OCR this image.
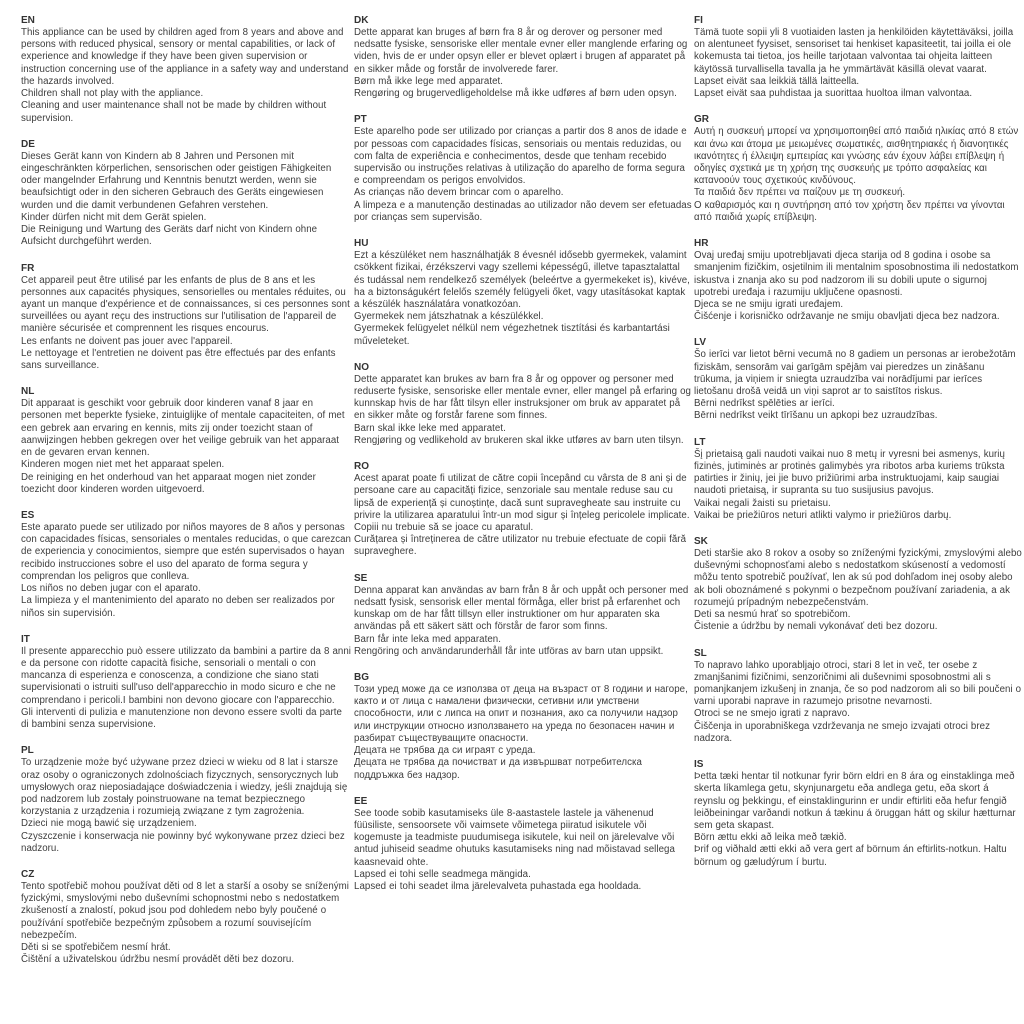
EN
This appliance can be used by children aged from 8 years and above and persons with reduced physical, sensory or mental capabilities, or lack of experience and knowledge if they have been given supervision or instruction concerning use of the appliance in a safety way and understand the hazards involved.
Children shall not play with the appliance.
Cleaning and user maintenance shall not be made by children without supervision.
DE
Dieses Gerät kann von Kindern ab 8 Jahren und Personen mit eingeschränkten körperlichen, sensorischen oder geistigen Fähigkeiten oder mangelnder Erfahrung und Kenntnis benutzt werden, wenn sie beaufsichtigt oder in den sicheren Gebrauch des Geräts eingewiesen wurden und die damit verbundenen Gefahren verstehen.
Kinder dürfen nicht mit dem Gerät spielen.
Die Reinigung und Wartung des Geräts darf nicht von Kindern ohne Aufsicht durchgeführt werden.
FR
Cet appareil peut être utilisé par les enfants de plus de 8 ans et les personnes aux capacités physiques, sensorielles ou mentales réduites, ou ayant un manque d'expérience et de connaissances, si ces personnes sont surveillées ou ayant reçu des instructions sur l'utilisation de l'appareil de manière sécurisée et comprennent les risques encourus.
Les enfants ne doivent pas jouer avec l'appareil.
Le nettoyage et l'entretien ne doivent pas être effectués par des enfants sans surveillance.
NL
Dit apparaat is geschikt voor gebruik door kinderen vanaf 8 jaar en personen met beperkte fysieke, zintuiglijke of mentale capaciteiten, of met een gebrek aan ervaring en kennis, mits zij onder toezicht staan of aanwijzingen hebben gekregen over het veilige gebruik van het apparaat en de gevaren ervan kennen.
Kinderen mogen niet met het apparaat spelen.
De reiniging en het onderhoud van het apparaat mogen niet zonder toezicht door kinderen worden uitgevoerd.
ES
Este aparato puede ser utilizado por niños mayores de 8 años y personas con capacidades físicas, sensoriales o mentales reducidas, o que carezcan de experiencia y conocimientos, siempre que estén supervisados o hayan recibido instrucciones sobre el uso del aparato de forma segura y comprendan los peligros que conlleva.
Los niños no deben jugar con el aparato.
La limpieza y el mantenimiento del aparato no deben ser realizados por niños sin supervisión.
IT
Il presente apparecchio può essere utilizzato da bambini a partire da 8 anni e da persone con ridotte capacità fisiche, sensoriali o mentali o con mancanza di esperienza e conoscenza, a condizione che siano stati supervisionati o istruiti sull'uso dell'apparecchio in modo sicuro e che ne comprendano i pericoli.I bambini non devono giocare con l'apparecchio.
Gli interventi di pulizia e manutenzione non devono essere svolti da parte di bambini senza supervisione.
PL
To urządzenie może być używane przez dzieci w wieku od 8 lat i starsze oraz osoby o ograniczonych zdolnościach fizycznych, sensorycznych lub umysłowych oraz nieposiadające doświadczenia i wiedzy, jeśli znajdują się pod nadzorem lub zostały poinstruowane na temat bezpiecznego korzystania z urządzenia i rozumieją związane z tym zagrożenia.
Dzieci nie mogą bawić się urządzeniem.
Czyszczenie i konserwacja nie powinny być wykonywane przez dzieci bez nadzoru.
CZ
Tento spotřebič mohou používat děti od 8 let a starší a osoby se sníženými fyzickými, smyslovými nebo duševními schopnostmi nebo s nedostatkem zkušeností a znalostí, pokud jsou pod dohledem nebo byly poučené o používání spotřebiče bezpečným způsobem a rozumí souvisejícím nebezpečím.
Děti si se spotřebičem nesmí hrát.
Čištění a uživatelskou údržbu nesmí provádět děti bez dozoru.
DK
Dette apparat kan bruges af børn fra 8 år og derover og personer med nedsatte fysiske, sensoriske eller mentale evner eller manglende erfaring og viden, hvis de er under opsyn eller er blevet oplært i brugen af apparatet på en sikker måde og forstår de involverede farer.
Børn må ikke lege med apparatet.
Rengøring og brugervedligeholdelse må ikke udføres af børn uden opsyn.
PT
Este aparelho pode ser utilizado por crianças a partir dos 8 anos de idade e por pessoas com capacidades físicas, sensoriais ou mentais reduzidas, ou com falta de experiência e conhecimentos, desde que tenham recebido supervisão ou instruções relativas à utilização do aparelho de forma segura e compreendam os perigos envolvidos.
As crianças não devem brincar com o aparelho.
A limpeza e a manutenção destinadas ao utilizador não devem ser efetuadas por crianças sem supervisão.
HU
Ezt a készüléket nem használhatják 8 évesnél idősebb gyermekek, valamint csökkent fizikai, érzékszervi vagy szellemi képességű, illetve tapasztalattal és tudással nem rendelkező személyek (beleértve a gyermekeket is), kivéve, ha a biztonságukért felelős személy felügyeli őket, vagy utasításokat kaptak a készülék használatára vonatkozóan.
Gyermekek nem játszhatnak a készülékkel.
Gyermekek felügyelet nélkül nem végezhetnek tisztítási és karbantartási műveleteket.
NO
Dette apparatet kan brukes av barn fra 8 år og oppover og personer med reduserte fysiske, sensoriske eller mentale evner, eller mangel på erfaring og kunnskap hvis de har fått tilsyn eller instruksjoner om bruk av apparatet på en sikker måte og forstår farene som finnes.
Barn skal ikke leke med apparatet.
Rengjøring og vedlikehold av brukeren skal ikke utføres av barn uten tilsyn.
RO
Acest aparat poate fi utilizat de către copii începând cu vârsta de 8 ani și de persoane care au capacități fizice, senzoriale sau mentale reduse sau cu lipsă de experiență și cunoștințe, dacă sunt supravegheate sau instruite cu privire la utilizarea aparatului într-un mod sigur și înțeleg pericolele implicate.
Copiii nu trebuie să se joace cu aparatul.
Curățarea și întreținerea de către utilizator nu trebuie efectuate de copii fără supraveghere.
SE
Denna apparat kan användas av barn från 8 år och uppåt och personer med nedsatt fysisk, sensorisk eller mental förmåga, eller brist på erfarenhet och kunskap om de har fått tillsyn eller instruktioner om hur apparaten ska användas på ett säkert sätt och förstår de faror som finns.
Barn får inte leka med apparaten.
Rengöring och användarunderhåll får inte utföras av barn utan uppsikt.
BG
Този уред може да се използва от деца на възраст от 8 години и нагоре, както и от лица с намалени физически, сетивни или умствени способности, или с липса на опит и познания, ако са получили надзор или инструкции относно използването на уреда по безопасен начин и разбират съществуващите опасности.
Децата не трябва да си играят с уреда.
Децата не трябва да почистват и да извършват потребителска поддръжка без надзор.
EE
See toode sobib kasutamiseks üle 8-aastastele lastele ja vähenenud füüsiliste, sensoorsete või vaimsete võimetega piiratud isikutele või kogemuste ja teadmiste puudumisega isikutele, kui neil on järelevalve või antud juhiseid seadme ohutuks kasutamiseks ning nad mõistavad sellega kaasnevaid ohte.
Lapsed ei tohi selle seadmega mängida.
Lapsed ei tohi seadet ilma järelevalveta puhastada ega hooldada.
FI
Tämä tuote sopii yli 8 vuotiaiden lasten ja henkilöiden käytettäväksi, joilla on alentuneet fyysiset, sensoriset tai henkiset kapasiteetit, tai joilla ei ole kokemusta tai tietoa, jos heille tarjotaan valvontaa tai ohjeita laitteen käytössä turvallisella tavalla ja he ymmärtävät käsillä olevat vaarat.
Lapset eivät saa leikkiä tällä laitteella.
Lapset eivät saa puhdistaa ja suorittaa huoltoa ilman valvontaa.
GR
Αυτή η συσκευή μπορεί να χρησιμοποιηθεί από παιδιά ηλικίας από 8 ετών και άνω και άτομα με μειωμένες σωματικές, αισθητηριακές ή διανοητικές ικανότητες ή έλλειψη εμπειρίας και γνώσης εάν έχουν λάβει επίβλεψη ή οδηγίες σχετικά με τη χρήση της συσκευής με τρόπο ασφαλείας και κατανοούν τους σχετικούς κινδύνους.
Τα παιδιά δεν πρέπει να παίζουν με τη συσκευή.
Ο καθαρισμός και η συντήρηση από τον χρήστη δεν πρέπει να γίνονται από παιδιά χωρίς επίβλεψη.
HR
Ovaj uređaj smiju upotrebljavati djeca starija od 8 godina i osobe sa smanjenim fizičkim, osjetilnim ili mentalnim sposobnostima ili nedostatkom iskustva i znanja ako su pod nadzorom ili su dobili upute o sigurnoj upotrebi uređaja i razumiju uključene opasnosti.
Djeca se ne smiju igrati uređajem.
Čišćenje i korisničko održavanje ne smiju obavljati djeca bez nadzora.
LV
Šo ierīci var lietot bērni vecumā no 8 gadiem un personas ar ierobežotām fiziskām, sensorām vai garīgām spējām vai pieredzes un zināšanu trūkuma, ja viņiem ir sniegta uzraudzība vai norādījumi par ierīces lietošanu drošā veidā un viņi saprot ar to saistītos riskus.
Bērni nedrīkst spēlēties ar ierīci.
Bērni nedrīkst veikt tīrīšanu un apkopi bez uzraudzības.
LT
Šį prietaisą gali naudoti vaikai nuo 8 metų ir vyresni bei asmenys, kurių fizinės, jutiminės ar protinės galimybės yra ribotos arba kuriems trūksta patirties ir žinių, jei jie buvo prižiūrimi arba instruktuojami, kaip saugiai naudoti prietaisą, ir supranta su tuo susijusius pavojus.
Vaikai negali žaisti su prietaisu.
Vaikai be priežiūros neturi atlikti valymo ir priežiūros darbų.
SK
Deti staršie ako 8 rokov a osoby so zníženými fyzickými, zmyslovými alebo duševnými schopnosťami alebo s nedostatkom skúseností a vedomostí môžu tento spotrebič používať, len ak sú pod dohľadom inej osoby alebo ak boli oboznámené s pokynmi o bezpečnom používaní zariadenia, a ak rozumejú prípadným nebezpečenstvám.
Deti sa nesmú hrať so spotrebičom.
Čistenie a údržbu by nemali vykonávať deti bez dozoru.
SL
To napravo lahko uporabljajo otroci, stari 8 let in več, ter osebe z zmanjšanimi fizičnimi, senzoričnimi ali duševnimi sposobnostmi ali s pomanjkanjem izkušenj in znanja, če so pod nadzorom ali so bili poučeni o varni uporabi naprave in razumejo prisotne nevarnosti.
Otroci se ne smejo igrati z napravo.
Čiščenja in uporabniškega vzdrževanja ne smejo izvajati otroci brez nadzora.
IS
Þetta tæki hentar til notkunar fyrir börn eldri en 8 ára og einstaklinga með skerta líkamlega getu, skynjunargetu eða andlega getu, eða skort á reynslu og þekkingu, ef einstaklingurinn er undir eftirliti eða hefur fengið leiðbeiningar varðandi notkun á tækinu á öruggan hátt og skilur hætturnar sem geta skapast.
Börn ættu ekki að leika með tækið.
Þrif og viðhald ætti ekki að vera gert af börnum án eftirlits-notkun. Haltu börnum og gæludýrum í burtu.
